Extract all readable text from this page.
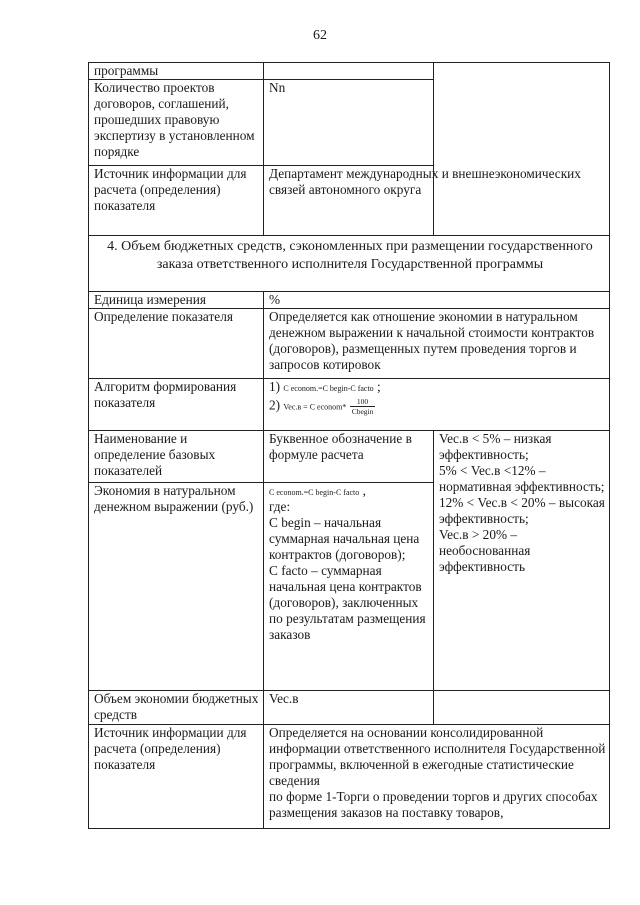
62
программы		
Количество проектов договоров, соглашений, прошедших правовую экспертизу в установленном порядке	Nn	
Источник информации для расчета (определения) показателя	Департамент международных и внешнеэкономических связей автономного округа	
4. Объем бюджетных средств, сэкономленных при размещении государственного заказа ответственного исполнителя Государственной программы		
Единица измерения	%	
Определение показателя	Определяется как отношение экономии в натуральном денежном выражении к начальной стоимости контрактов (договоров), размещенных путем проведения торгов и запросов котировок	
Алгоритм формирования показателя	1) C econom.=C begin-C facto ;
2) Vec.в = C econom* $\frac{100}{\text{Cbegin}}$

Наименование и определение базовых показателей	Буквенное обозначение в формуле расчета	Vec.в < 5% – низкая эффективность;
5% < Vec.в <12% – нормативная эффективность;
12% < Vec.в < 20% – высокая эффективность;
Vec.в > 20% – необоснованная эффективность
Экономия в натуральном денежном выражении (руб.)	C econom.=C begin-C facto ,
где:
C begin – начальная суммарная начальная цена контрактов (договоров);
C facto – суммарная начальная цена контрактов (договоров), заключенных по результатам размещения заказов	

Объем экономии бюджетных средств	Vec.в	
Источник информации для расчета (определения) показателя	Определяется на основании консолидированной информации ответственного исполнителя Государственной программы, включенной в ежегодные статистические сведения
по форме 1-Торги о проведении торгов и других способах размещения заказов на поставку товаров,	
